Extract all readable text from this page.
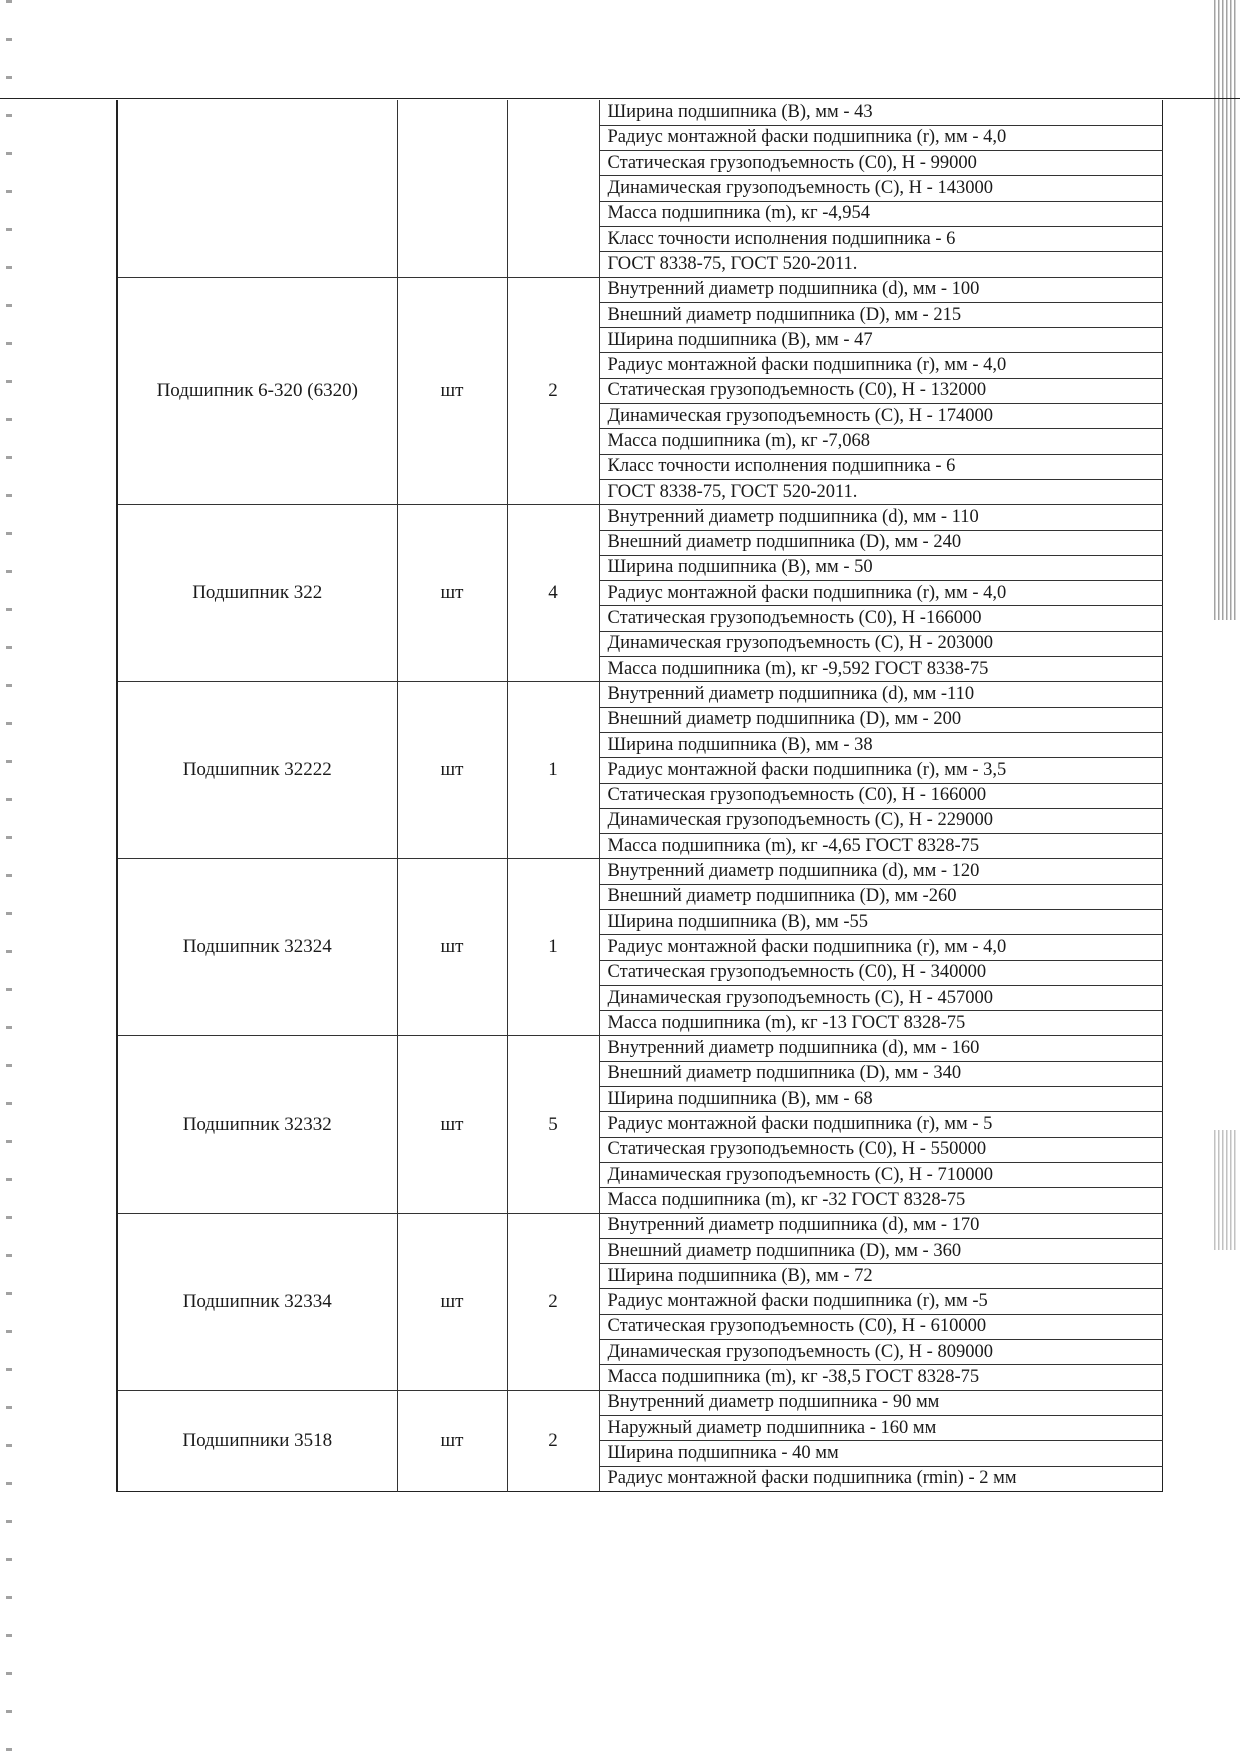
			Ширина подшипника (B), мм - 43
			Радиус монтажной фаски подшипника (r), мм - 4,0
			Статическая грузоподъемность (C0), Н - 99000
			Динамическая грузоподъемность (C), Н - 143000
			Масса подшипника (m), кг -4,954
			Класс точности исполнения подшипника - 6
			ГОСТ 8338-75, ГОСТ 520-2011.
Подшипник 6-320 (6320)	шт	2	Внутренний диаметр подшипника (d), мм - 100
			Внешний диаметр подшипника (D), мм - 215
			Ширина подшипника (B), мм - 47
			Радиус монтажной фаски подшипника (r), мм - 4,0
			Статическая грузоподъемность (C0), Н - 132000
			Динамическая грузоподъемность (C), Н - 174000
			Масса подшипника (m), кг -7,068
			Класс точности исполнения подшипника - 6
			ГОСТ 8338-75, ГОСТ 520-2011.
Подшипник 322	шт	4	Внутренний диаметр подшипника (d), мм - 110
			Внешний диаметр подшипника (D), мм - 240
			Ширина подшипника (B), мм - 50
			Радиус монтажной фаски подшипника (r), мм - 4,0
			Статическая грузоподъемность (C0), Н -166000
			Динамическая грузоподъемность (C), Н - 203000
			Масса подшипника (m), кг -9,592 ГОСТ 8338-75
Подшипник 32222	шт	1	Внутренний диаметр подшипника (d), мм -110
			Внешний диаметр подшипника (D), мм - 200
			Ширина подшипника (B), мм - 38
			Радиус монтажной фаски подшипника (r), мм - 3,5
			Статическая грузоподъемность (C0), Н - 166000
			Динамическая грузоподъемность (C), Н - 229000
			Масса подшипника (m), кг -4,65 ГОСТ 8328-75
Подшипник 32324	шт	1	Внутренний диаметр подшипника (d), мм - 120
			Внешний диаметр подшипника (D), мм -260
			Ширина подшипника (B), мм -55
			Радиус монтажной фаски подшипника (r), мм - 4,0
			Статическая грузоподъемность (C0), Н - 340000
			Динамическая грузоподъемность (C), Н - 457000
			Масса подшипника (m), кг -13 ГОСТ 8328-75
Подшипник 32332	шт	5	Внутренний диаметр подшипника (d), мм - 160
			Внешний диаметр подшипника (D), мм - 340
			Ширина подшипника (B), мм - 68
			Радиус монтажной фаски подшипника (r), мм - 5
			Статическая грузоподъемность (C0), Н - 550000
			Динамическая грузоподъемность (C), Н - 710000
			Масса подшипника (m), кг -32 ГОСТ 8328-75
Подшипник 32334	шт	2	Внутренний диаметр подшипника (d), мм - 170
			Внешний диаметр подшипника (D), мм - 360
			Ширина подшипника (B), мм - 72
			Радиус монтажной фаски подшипника (r), мм -5
			Статическая грузоподъемность (C0), Н - 610000
			Динамическая грузоподъемность (C), Н - 809000
			Масса подшипника (m), кг -38,5 ГОСТ 8328-75
Подшипники 3518	шт	2	Внутренний диаметр подшипника - 90 мм
			Наружный диаметр подшипника - 160 мм
			Ширина подшипника - 40 мм
			Радиус монтажной фаски подшипника (rmin) - 2 мм
